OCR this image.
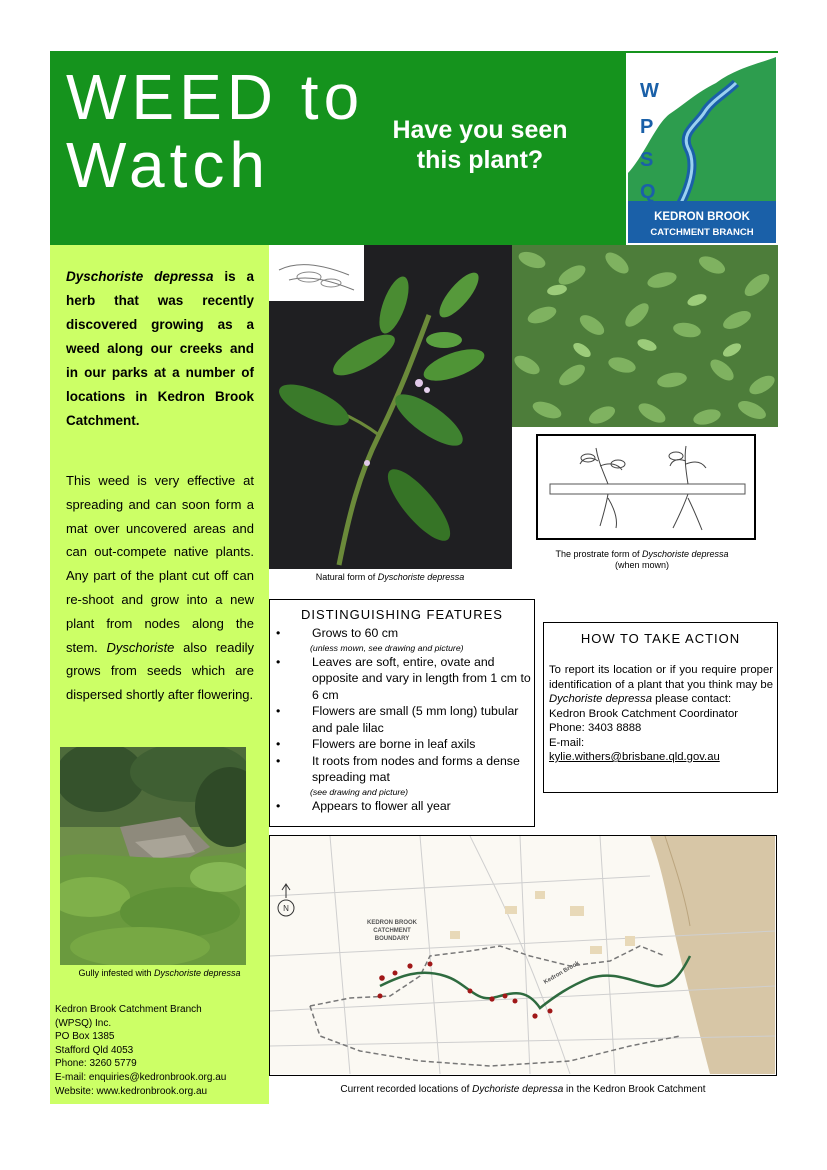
WEED to
Watch	Have you seen this plant?
W
P
S
Q
KEDRON BROOK
CATCHMENT BRANCH
Dyschoriste depressa is a herb that was recently discovered growing as a weed along our creeks and in our parks at a number of locations in Kedron Brook Catchment.
This weed is very effective at spreading and can soon form a mat over uncovered areas and can out-compete native plants. Any part of the plant cut off can re-shoot and grow into a new plant from nodes along the stem. Dyschoriste also readily grows from seeds which are dispersed shortly after flowering.
Gully infested with Dyschoriste depressa
Kedron Brook Catchment Branch
(WPSQ) Inc.
PO Box 1385
Stafford Qld 4053
Phone: 3260 5779
E-mail: enquiries@kedronbrook.org.au
Website: www.kedronbrook.org.au
Natural form of Dyschoriste depressa
The prostrate form of Dyschoriste depressa
(when mown)
DISTINGUISHING FEATURES
•	Grows to 60 cm
(unless mown, see drawing and picture)
•	Leaves are soft, entire, ovate and opposite and vary in length from 1 cm to 6 cm
•	Flowers are small (5 mm long) tubular and pale lilac
•	Flowers are borne in leaf axils
•	It roots from nodes and forms a dense spreading mat
(see drawing and picture)
•	Appears to flower all year
HOW TO TAKE ACTION
To report its location or if you require proper identification of a plant that you think may be Dychoriste depressa please contact:
Kedron Brook Catchment Coordinator
Phone: 3403 8888
E-mail:
kylie.withers@brisbane.qld.gov.au
N
KEDRON BROOK
CATCHMENT
BOUNDARY
Kedron Brook
Current recorded locations of Dychoriste depressa in the Kedron Brook Catchment
